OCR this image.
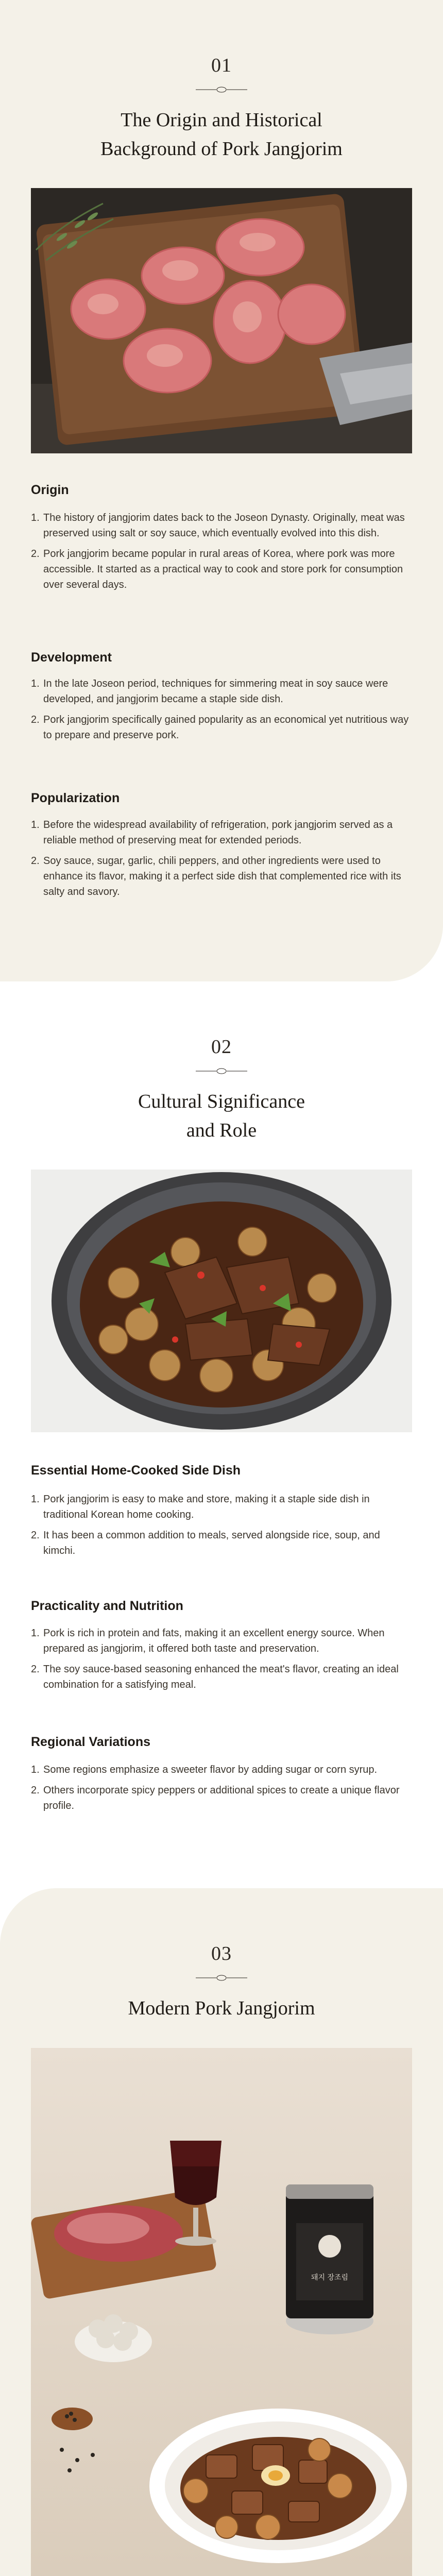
01
The Origin and Historical
Background of Pork Jangjorim
Origin
1. The history of jangjorim dates back to the Joseon Dynasty. Originally, meat was preserved using salt or soy sauce, which eventually evolved into this dish.
2. Pork jangjorim became popular in rural areas of Korea, where pork was more accessible. It started as a practical way to cook and store pork for consumption over several days.
Development
1. In the late Joseon period, techniques for simmering meat in soy sauce were developed, and jangjorim became a staple side dish.
2. Pork jangjorim specifically gained popularity as an economical yet nutritious way to prepare and preserve pork.
Popularization
1. Before the widespread availability of refrigeration, pork jangjorim served as a reliable method of preserving meat for extended periods.
2. Soy sauce, sugar, garlic, chili peppers, and other ingredients were used to enhance its flavor, making it a perfect side dish that complemented rice with its salty and savory.
02
Cultural Significance
and Role
Essential Home-Cooked Side Dish
1. Pork jangjorim is easy to make and store, making it a staple side dish in traditional Korean home cooking.
2. It has been a common addition to meals, served alongside rice, soup, and kimchi.
Practicality and Nutrition
1. Pork is rich in protein and fats, making it an excellent energy source. When prepared as jangjorim, it offered both taste and preservation.
2. The soy sauce-based seasoning enhanced the meat's flavor, creating an ideal combination for a satisfying meal.
Regional Variations
1. Some regions emphasize a sweeter flavor by adding sugar or corn syrup.
2. Others incorporate spicy peppers or additional spices to create a unique flavor profile.
03
Modern Pork Jangjorim
돼지 장조림
